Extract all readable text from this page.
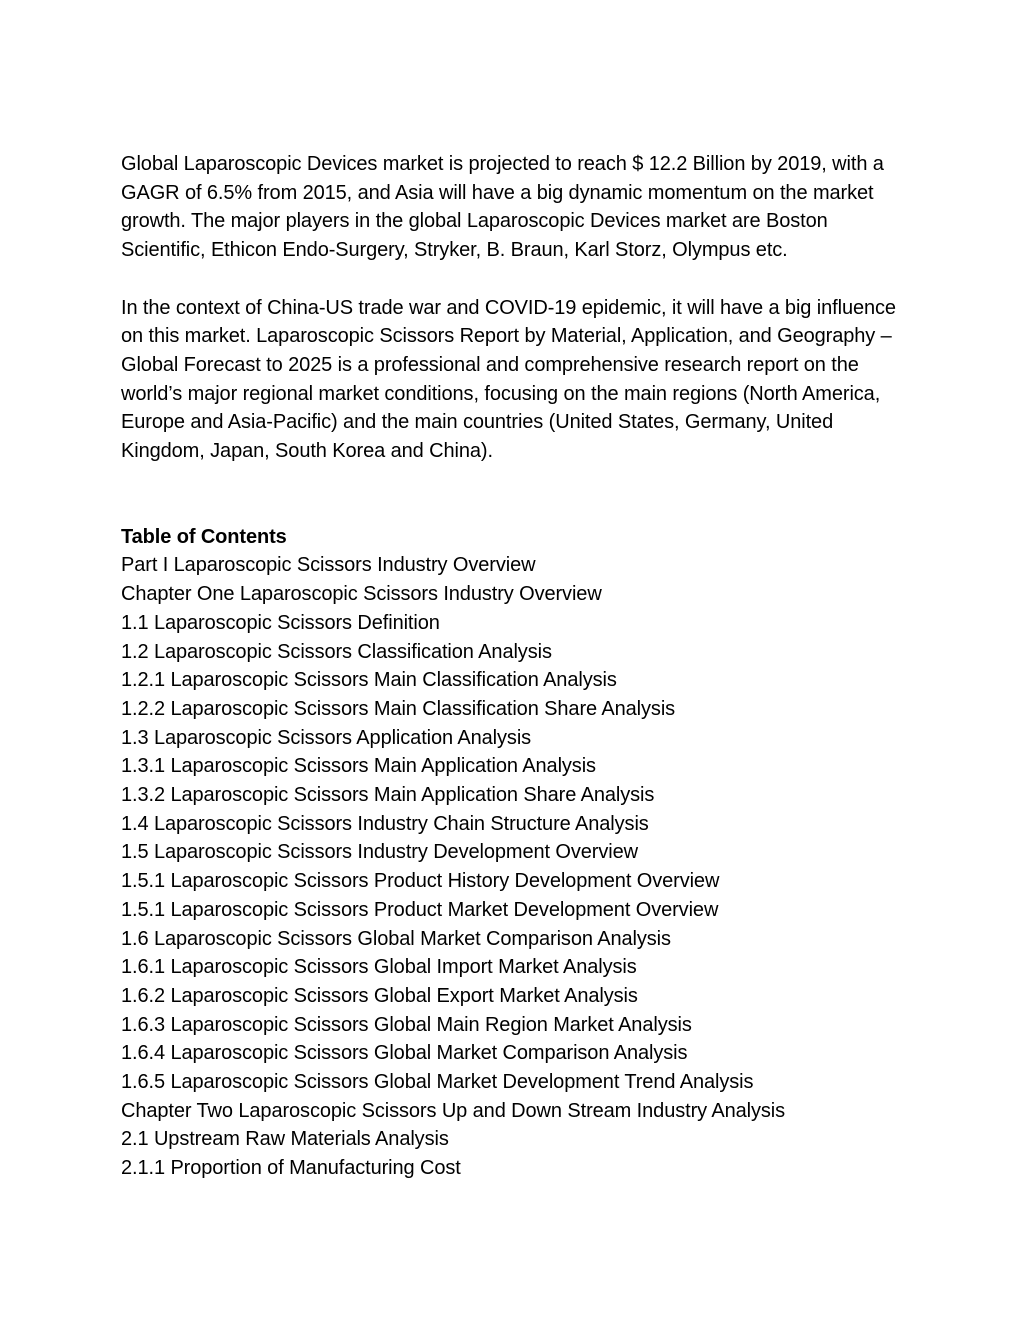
Global Laparoscopic Devices market is projected to reach $ 12.2 Billion by 2019, with a GAGR of 6.5% from 2015, and Asia will have a big dynamic momentum on the market growth. The major players in the global Laparoscopic Devices market are Boston Scientific, Ethicon Endo-Surgery, Stryker, B. Braun, Karl Storz, Olympus etc.

In the context of China-US trade war and COVID-19 epidemic, it will have a big influence on this market. Laparoscopic Scissors Report by Material, Application, and Geography – Global Forecast to 2025 is a professional and comprehensive research report on the world’s major regional market conditions, focusing on the main regions (North America, Europe and Asia-Pacific) and the main countries (United States, Germany, United Kingdom, Japan, South Korea and China).

Table of Contents

Part I Laparoscopic Scissors Industry Overview
Chapter One Laparoscopic Scissors Industry Overview
1.1 Laparoscopic Scissors Definition
1.2 Laparoscopic Scissors Classification Analysis
1.2.1 Laparoscopic Scissors Main Classification Analysis
1.2.2 Laparoscopic Scissors Main Classification Share Analysis
1.3 Laparoscopic Scissors Application Analysis
1.3.1 Laparoscopic Scissors Main Application Analysis
1.3.2 Laparoscopic Scissors Main Application Share Analysis
1.4 Laparoscopic Scissors Industry Chain Structure Analysis
1.5 Laparoscopic Scissors Industry Development Overview
1.5.1 Laparoscopic Scissors Product History Development Overview
1.5.1 Laparoscopic Scissors Product Market Development Overview
1.6 Laparoscopic Scissors Global Market Comparison Analysis
1.6.1 Laparoscopic Scissors Global Import Market Analysis
1.6.2 Laparoscopic Scissors Global Export Market Analysis
1.6.3 Laparoscopic Scissors Global Main Region Market Analysis
1.6.4 Laparoscopic Scissors Global Market Comparison Analysis
1.6.5 Laparoscopic Scissors Global Market Development Trend Analysis
Chapter Two Laparoscopic Scissors Up and Down Stream Industry Analysis
2.1 Upstream Raw Materials Analysis
2.1.1 Proportion of Manufacturing Cost
